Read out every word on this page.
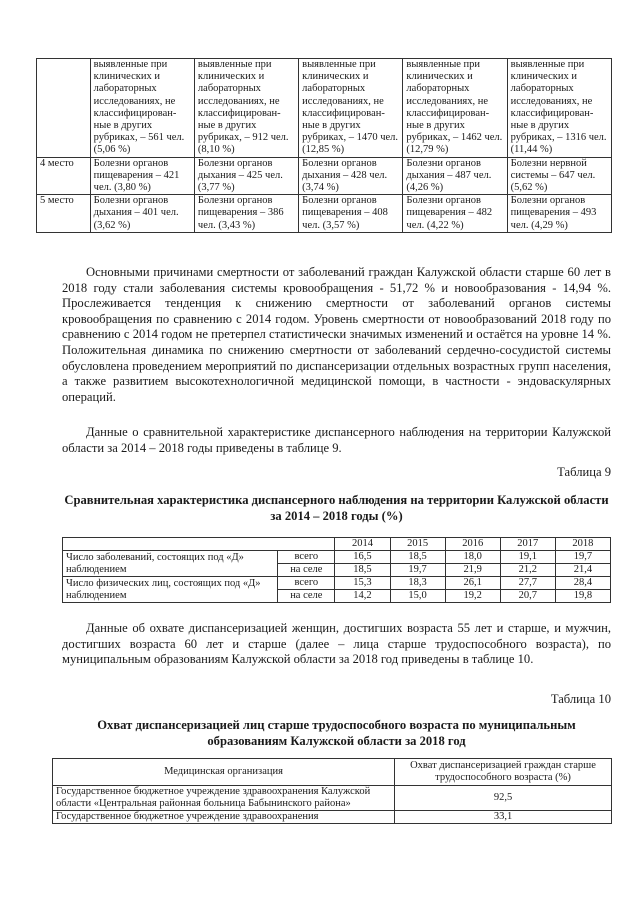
	выявленные при клинических и лабораторных исследованиях, не классифицирован-ные в других рубриках, – 561 чел. (5,06 %)	выявленные при клинических и лабораторных исследованиях, не классифицирован-ные в других рубриках, – 912 чел. (8,10 %)	выявленные при клинических и лабораторных исследованиях, не классифицирован-ные в других рубриках, – 1470 чел. (12,85 %)	выявленные при клинических и лабораторных исследованиях, не классифицирован-ные в других рубриках, – 1462 чел. (12,79 %)	выявленные при клинических и лабораторных исследованиях, не классифицирован-ные в других рубриках, – 1316 чел. (11,44 %)
4 место	Болезни органов пищеварения – 421 чел. (3,80 %)	Болезни органов дыхания – 425 чел. (3,77 %)	Болезни органов дыхания – 428 чел. (3,74 %)	Болезни органов дыхания – 487 чел. (4,26 %)	Болезни нервной системы – 647 чел. (5,62 %)
5 место	Болезни органов дыхания – 401 чел. (3,62 %)	Болезни органов пищеварения – 386 чел. (3,43 %)	Болезни органов пищеварения – 408 чел. (3,57 %)	Болезни органов пищеварения – 482 чел. (4,22 %)	Болезни органов пищеварения – 493 чел. (4,29 %)

Основными причинами смертности от заболеваний граждан Калужской области старше 60 лет в 2018 году стали заболевания системы кровообращения - 51,72 % и новообразования - 14,94 %. Прослеживается тенденция к снижению смертности от заболеваний органов системы кровообращения по сравнению с 2014 годом. Уровень смертности от новообразований 2018 году по сравнению с 2014 годом не претерпел статистически значимых изменений и остаётся на уровне 14 %. Положительная динамика по снижению смертности от заболеваний сердечно-сосудистой системы обусловлена проведением мероприятий по диспансеризации отдельных возрастных групп населения, а также развитием высокотехнологичной медицинской помощи, в частности - эндоваскулярных операций.

Данные о сравнительной характеристике диспансерного наблюдения на территории Калужской области за 2014 – 2018 годы приведены в таблице 9.

Таблица 9

Сравнительная характеристика диспансерного наблюдения на территории Калужской области за 2014 – 2018 годы (%)

		2014	2015	2016	2017	2018
Число заболеваний, состоящих под «Д» наблюдением	всего	16,5	18,5	18,0	19,1	19,7
	на селе	18,5	19,7	21,9	21,2	21,4
Число физических лиц, состоящих под «Д» наблюдением	всего	15,3	18,3	26,1	27,7	28,4
	на селе	14,2	15,0	19,2	20,7	19,8

Данные об охвате диспансеризацией женщин, достигших возраста 55 лет и старше, и мужчин, достигших возраста 60 лет и старше (далее – лица старше трудоспособного возраста), по муниципальным образованиям Калужской области за 2018 год приведены в таблице 10.

Таблица 10

Охват диспансеризацией лиц старше трудоспособного возраста по муниципальным образованиям Калужской области за 2018 год

Медицинская организация	Охват диспансеризацией граждан старше трудоспособного возраста (%)
Государственное бюджетное учреждение здравоохранения Калужской области «Центральная районная больница Бабынинского района»	92,5
Государственное бюджетное учреждение здравоохранения	33,1
